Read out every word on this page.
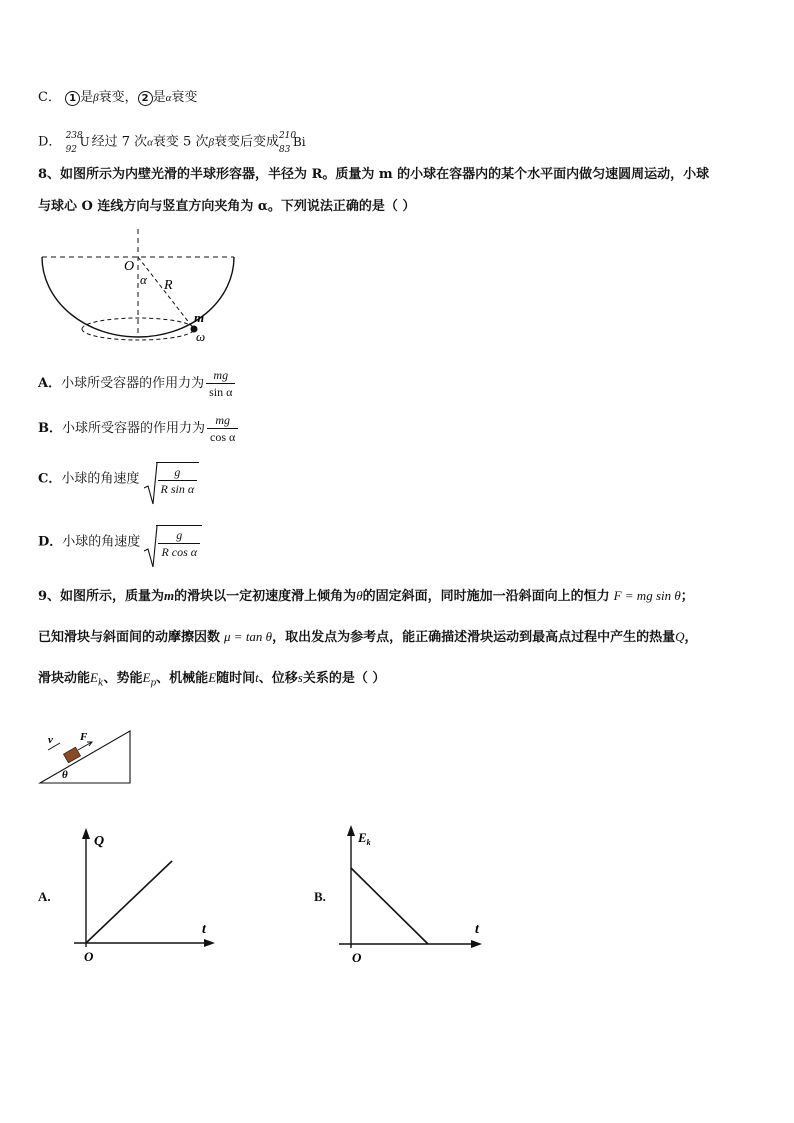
C． 1 是β衰变， 2 是α衰变
D． 238
92
U 经过 7 次α衰变 5 次β衰变后变成 210
83
Bi
8、如图所示为内壁光滑的半球形容器，半径为 R。质量为 m 的小球在容器内的某个水平面内做匀速圆周运动，小球
与球心 O 连线方向与竖直方向夹角为 α。下列说法正确的是（ ）
O
α R
m
ω
A．小球所受容器的作用力为 $\frac{mg}{\text{sin α}}$
B．小球所受容器的作用力为 $\frac{mg}{\text{cos α}}$
C．小球的角速度 $\frac{g}{\text{R sin α}}$
D．小球的角速度 $\frac{g}{\text{R cos α}}$
9、如图所示，质量为m的滑块以一定初速度滑上倾角为θ的固定斜面，同时施加一沿斜面向上的恒力 F = mg sin θ；
已知滑块与斜面间的动摩擦因数 μ = tan θ，取出发点为参考点，能正确描述滑块运动到最高点过程中产生的热量Q，
滑块动能$E_k$、势能$E_p$、机械能E随时间t、位移s关系的是（ ）
v F
θ
A.
Q
t
O
B.
$E_k$
t
O
